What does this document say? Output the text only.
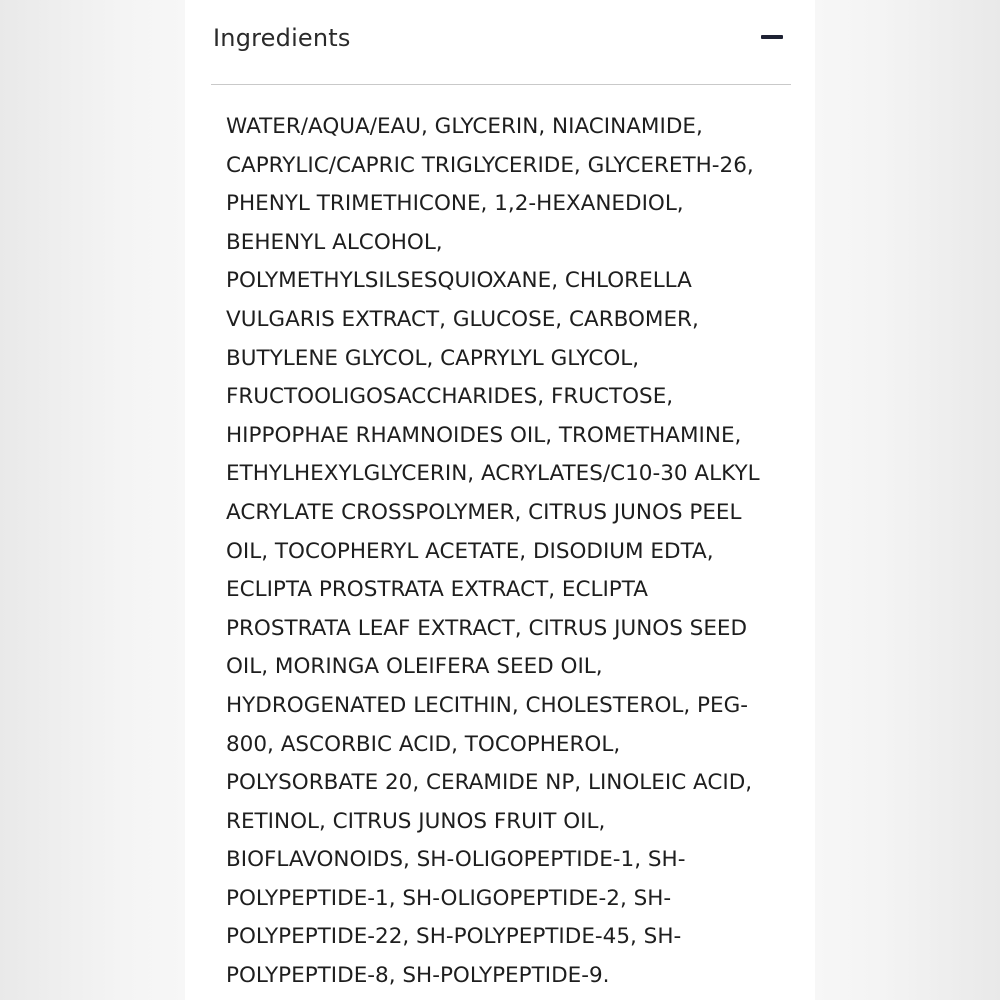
Ingredients
WATER/AQUA/EAU, GLYCERIN, NIACINAMIDE,
CAPRYLIC/CAPRIC TRIGLYCERIDE, GLYCERETH-26,
PHENYL TRIMETHICONE, 1,2-HEXANEDIOL,
BEHENYL ALCOHOL,
POLYMETHYLSILSESQUIOXANE, CHLORELLA
VULGARIS EXTRACT, GLUCOSE, CARBOMER,
BUTYLENE GLYCOL, CAPRYLYL GLYCOL,
FRUCTOOLIGOSACCHARIDES, FRUCTOSE,
HIPPOPHAE RHAMNOIDES OIL, TROMETHAMINE,
ETHYLHEXYLGLYCERIN, ACRYLATES/C10-30 ALKYL
ACRYLATE CROSSPOLYMER, CITRUS JUNOS PEEL
OIL, TOCOPHERYL ACETATE, DISODIUM EDTA,
ECLIPTA PROSTRATA EXTRACT, ECLIPTA
PROSTRATA LEAF EXTRACT, CITRUS JUNOS SEED
OIL, MORINGA OLEIFERA SEED OIL,
HYDROGENATED LECITHIN, CHOLESTEROL, PEG-
800, ASCORBIC ACID, TOCOPHEROL,
POLYSORBATE 20, CERAMIDE NP, LINOLEIC ACID,
RETINOL, CITRUS JUNOS FRUIT OIL,
BIOFLAVONOIDS, SH-OLIGOPEPTIDE-1, SH-
POLYPEPTIDE-1, SH-OLIGOPEPTIDE-2, SH-
POLYPEPTIDE-22, SH-POLYPEPTIDE-45, SH-
POLYPEPTIDE-8, SH-POLYPEPTIDE-9.
